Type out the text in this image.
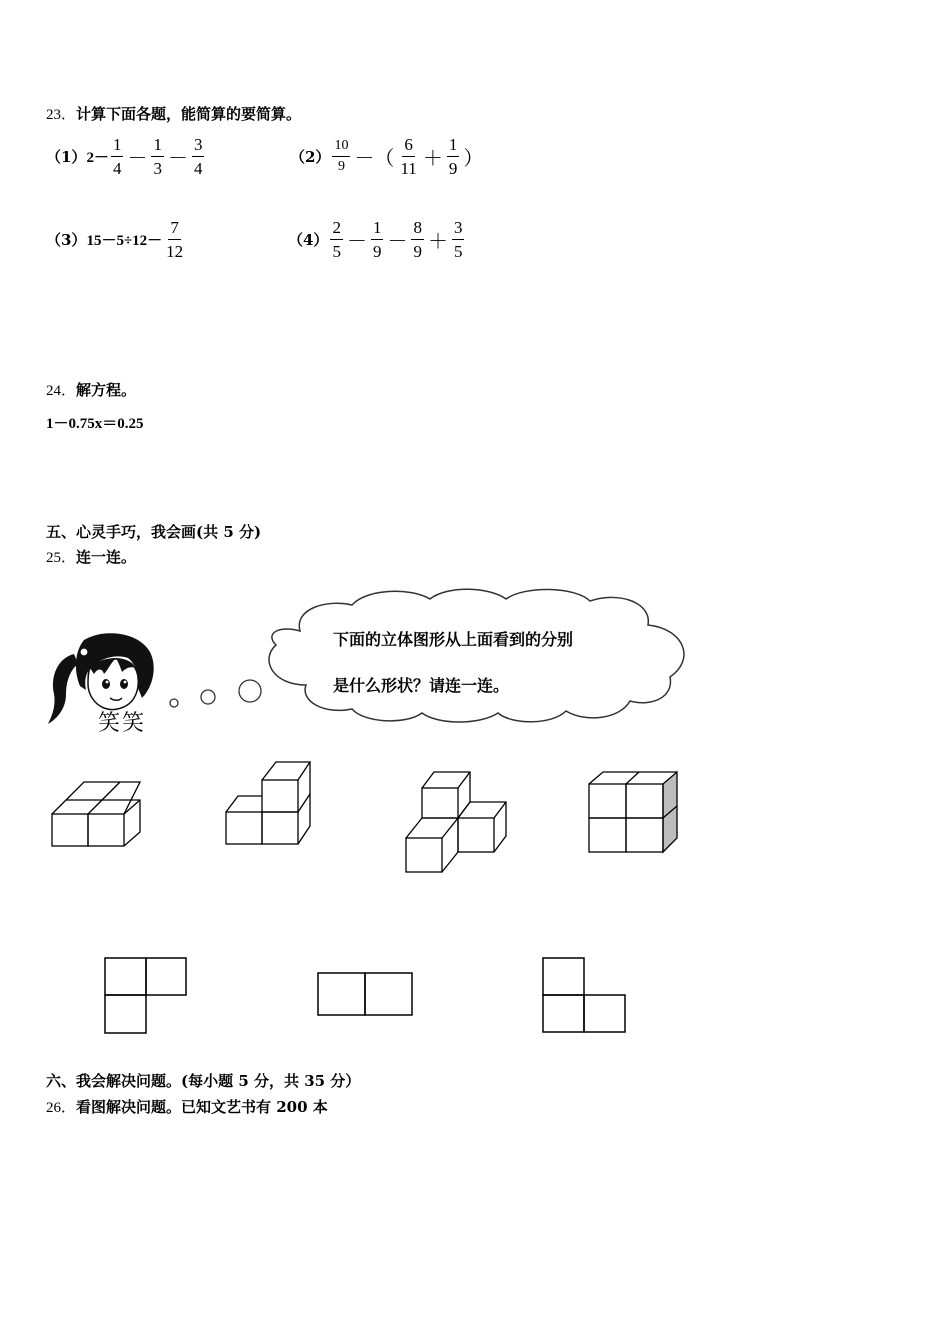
23．计算下面各题，能简算的要简算。
$(1)2- \frac{1}{4} - \frac{1}{3} - \frac{3}{4}$	$(2) \frac{10}{9}$ －（ $\frac{6}{11} + \frac{1}{9}$ ）
$(3)15-5\div 12- \frac{7}{12}$	$(4) \frac{2}{5} - \frac{1}{9} - \frac{8}{9} + \frac{3}{5}$
24．解方程。
1－0.75x＝0.25
五、心灵手巧，我会画(共 5 分)
25．连一连。
笑笑
下面的立体图形从上面看到的分别
是什么形状？请连一连。
六、我会解决问题。(每小题 5 分，共 35 分）
26．看图解决问题。已知文艺书有 200 本
